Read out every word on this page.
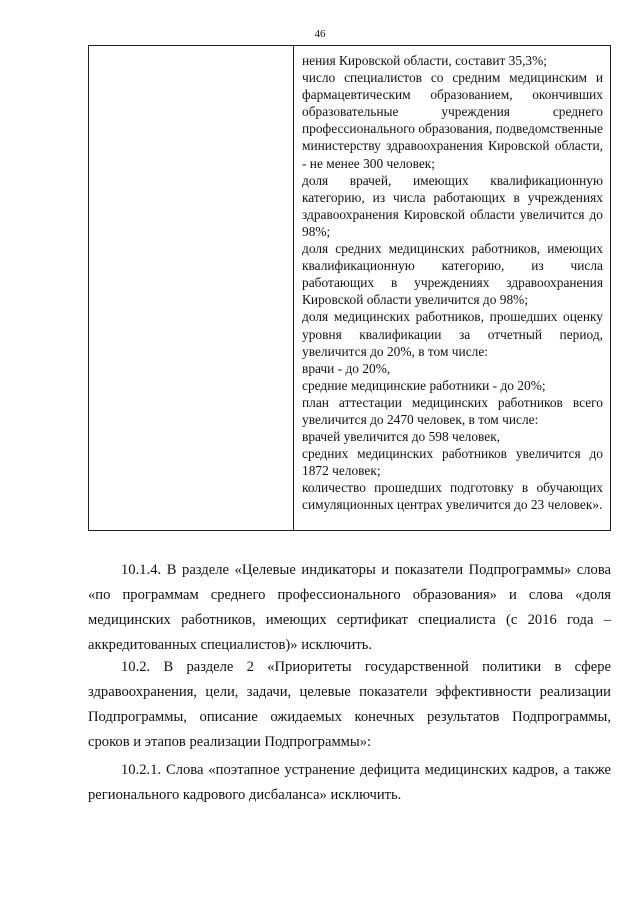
46

нения Кировской области, составит 35,3%;

число специалистов со средним медицинским и фармацевтическим образованием, окончивших образовательные учреждения среднего профессионального образования, подведомственные министерству здравоохранения Кировской области, - не менее 300 человек;

доля врачей, имеющих квалификационную категорию, из числа работающих в учреждениях здравоохранения Кировской области увеличится до 98%;

доля средних медицинских работников, имеющих квалификационную категорию, из числа работающих в учреждениях здравоохранения Кировской области увеличится до 98%;

доля медицинских работников, прошедших оценку уровня квалификации за отчетный период, увеличится до 20%, в том числе:

врачи - до 20%,

средние медицинские работники - до 20%;

план аттестации медицинских работников всего увеличится до 2470 человек, в том числе:

врачей увеличится до 598 человек,

средних медицинских работников увеличится до 1872 человек;

количество прошедших подготовку в обучающих симуляционных центрах увеличится до 23 человек».

10.1.4. В разделе «Целевые индикаторы и показатели Подпрограммы» слова «по программам среднего профессионального образования» и слова «доля медицинских работников, имеющих сертификат специалиста (с 2016 года – аккредитованных специалистов)» исключить.

10.2. В разделе 2 «Приоритеты государственной политики в сфере здравоохранения, цели, задачи, целевые показатели эффективности реализации Подпрограммы, описание ожидаемых конечных результатов Подпрограммы, сроков и этапов реализации Подпрограммы»:

10.2.1. Слова «поэтапное устранение дефицита медицинских кадров, а также регионального кадрового дисбаланса» исключить.
